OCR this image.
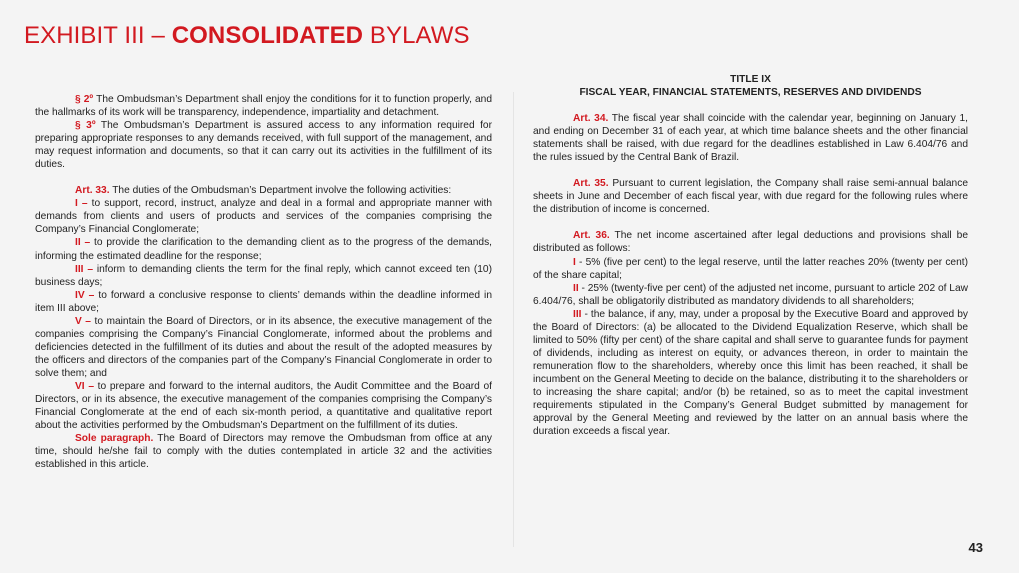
EXHIBIT III – CONSOLIDATED BYLAWS

§ 2º The Ombudsman’s Department shall enjoy the conditions for it to function properly, and the hallmarks of its work will be transparency, independence, impartiality and detachment.

§ 3º The Ombudsman’s Department is assured access to any information required for preparing appropriate responses to any demands received, with full support of the management, and may request information and documents, so that it can carry out its activities in the fulfillment of its duties.

Art. 33. The duties of the Ombudsman’s Department involve the following activities:

I – to support, record, instruct, analyze and deal in a formal and appropriate manner with demands from clients and users of products and services of the companies comprising the Company’s Financial Conglomerate;

II – to provide the clarification to the demanding client as to the progress of the demands, informing the estimated deadline for the response;

III – inform to demanding clients the term for the final reply, which cannot exceed ten (10) business days;

IV – to forward a conclusive response to clients’ demands within the deadline informed in item III above;

V – to maintain the Board of Directors, or in its absence, the executive management of the companies comprising the Company’s Financial Conglomerate, informed about the problems and deficiencies detected in the fulfillment of its duties and about the result of the adopted measures by the officers and directors of the companies part of the Company’s Financial Conglomerate in order to solve them; and

VI – to prepare and forward to the internal auditors, the Audit Committee and the Board of Directors, or in its absence, the executive management of the companies comprising the Company’s Financial Conglomerate at the end of each six-month period, a quantitative and qualitative report about the activities performed by the Ombudsman’s Department on the fulfillment of its duties.

Sole paragraph. The Board of Directors may remove the Ombudsman from office at any time, should he/she fail to comply with the duties contemplated in article 32 and the activities established in this article.

TITLE IX

FISCAL YEAR, FINANCIAL STATEMENTS, RESERVES AND DIVIDENDS

Art. 34. The fiscal year shall coincide with the calendar year, beginning on January 1, and ending on December 31 of each year, at which time balance sheets and the other financial statements shall be raised, with due regard for the deadlines established in Law 6.404/76 and the rules issued by the Central Bank of Brazil.

Art. 35. Pursuant to current legislation, the Company shall raise semi-annual balance sheets in June and December of each fiscal year, with due regard for the following rules where the distribution of income is concerned.

Art. 36. The net income ascertained after legal deductions and provisions shall be distributed as follows:

I - 5% (five per cent) to the legal reserve, until the latter reaches 20% (twenty per cent) of the share capital;

II - 25% (twenty-five per cent) of the adjusted net income, pursuant to article 202 of Law 6.404/76, shall be obligatorily distributed as mandatory dividends to all shareholders;

III - the balance, if any, may, under a proposal by the Executive Board and approved by the Board of Directors: (a) be allocated to the Dividend Equalization Reserve, which shall be limited to 50% (fifty per cent) of the share capital and shall serve to guarantee funds for payment of dividends, including as interest on equity, or advances thereon, in order to maintain the remuneration flow to the shareholders, whereby once this limit has been reached, it shall be incumbent on the General Meeting to decide on the balance, distributing it to the shareholders or to increasing the share capital; and/or (b) be retained, so as to meet the capital investment requirements stipulated in the Company’s General Budget submitted by management for approval by the General Meeting and reviewed by the latter on an annual basis where the duration exceeds a fiscal year.

43
